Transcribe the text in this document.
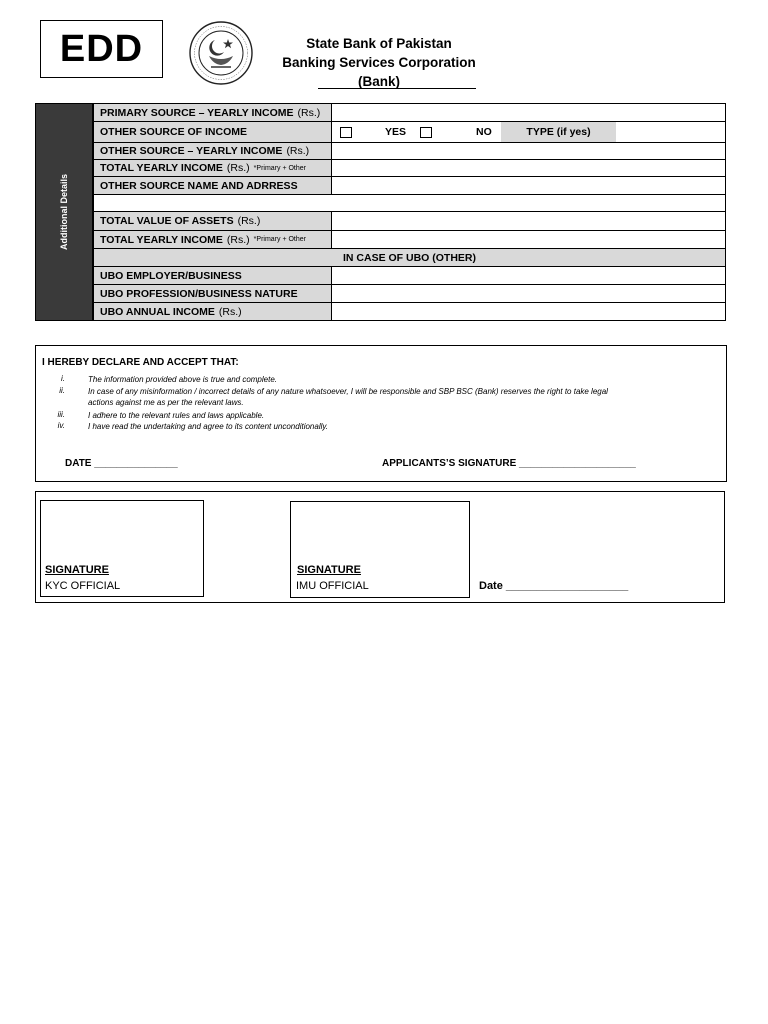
EDD	State Bank of Pakistan
Banking Services Corporation (Bank)
Additional Details
PRIMARY SOURCE – YEARLY INCOME (Rs.)
OTHER SOURCE OF INCOME	YES	NO	TYPE (if yes)
OTHER SOURCE – YEARLY INCOME (Rs.)
TOTAL YEARLY INCOME (Rs.) *Primary + Other
OTHER SOURCE NAME AND ADRRESS
TOTAL VALUE OF ASSETS (Rs.)
TOTAL YEARLY INCOME (Rs.) *Primary + Other
IN CASE OF UBO (OTHER)
UBO EMPLOYER/BUSINESS
UBO PROFESSION/BUSINESS NATURE
UBO ANNUAL INCOME (Rs.)
I HEREBY DECLARE AND ACCEPT THAT:
i.	The information provided above is true and complete.
ii.	In case of any misinformation / incorrect details of any nature whatsoever, I will be responsible and SBP BSC (Bank) reserves the right to take legal
actions against me as per the relevant laws.
iii.	I adhere to the relevant rules and laws applicable.
iv.	I have read the undertaking and agree to its content unconditionally.
DATE _______________	APPLICANTS’S SIGNATURE _____________________
SIGNATURE
KYC OFFICIAL
SIGNATURE
IMU OFFICIAL	Date ____________________
